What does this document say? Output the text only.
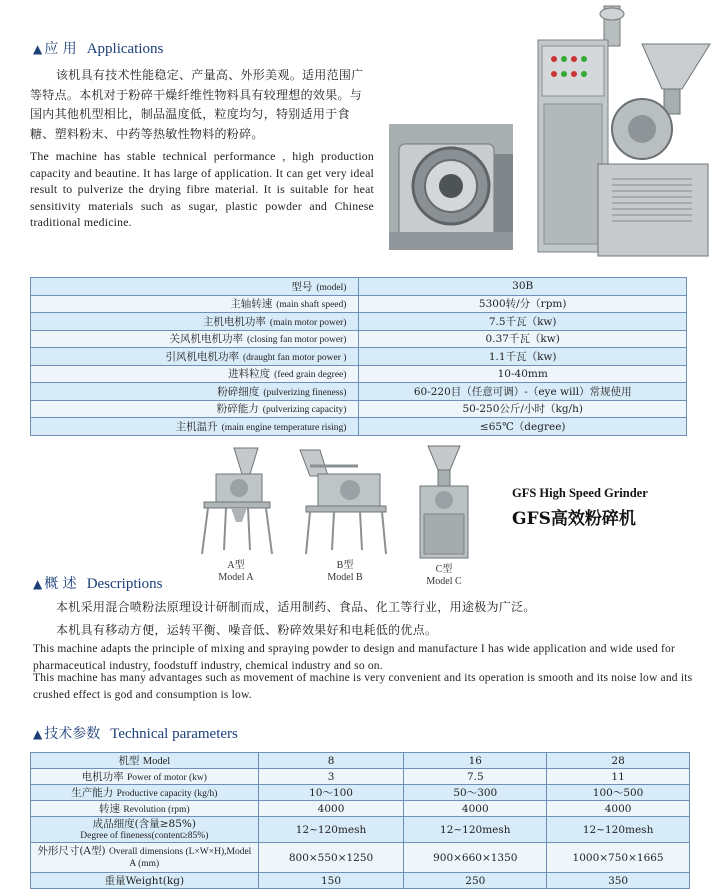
▲ 应 用 Applications
该机具有技术性能稳定、产量高、外形美观。适用范围广等特点。本机对于粉碎干燥纤维性物料具有较理想的效果。与国内其他机型相比，制品温度低，粒度均匀，特别适用于食糖、塑料粉末、中药等热敏性物料的粉碎。
The machine has stable technical performance , high production capacity and beautine. It has large of application. It can get very ideal result to pulverize the drying fibre material. It is suitable for heat sensitivity materials such as sugar, plastic powder and Chinese traditional medicine.
型号 (model)	30B
主轴转速 (main shaft speed)	5300转/分（rpm)
主机电机功率 (main motor power)	7.5千瓦（kw)
关风机电机功率 (closing fan motor power)	0.37千瓦（kw)
引风机电机功率 (draught fan motor power )	1.1千瓦（kw)
进料粒度 (feed grain degree)	10-40mm
粉碎细度 (pulverizing fineness)	60-220目（任意可调）-（eye will）常规使用
粉碎能力 (pulverizing capacity)	50-250公斤/小时（kg/h)
主机温升 (main engine temperature rising)	≤65℃（degree)
A型
Model A
B型
Model B
C型
Model C
GFS High Speed Grinder
GFS高效粉碎机
▲ 概 述 Descriptions
本机采用混合喷粉法原理设计研制而成，适用制药、食品、化工等行业，用途极为广泛。
本机具有移动方便，运转平衡、噪音低、粉碎效果好和电耗低的优点。
This machine adapts the principle of mixing and spraying powder to design and manufacture I has wide application and wide used for pharmaceutical industry, foodstuff industry, chemical industry and so on.
This machine has many advantages such as movement of machine is very convenient and its operation is smooth and its noise low and its crushed effect is god and consumption is low.
▲ 技术参数 Technical parameters
机型 Model	8	16	28
电机功率 Power of motor (kw)	3	7.5	11
生产能力 Productive capacity (kg/h)	10～100	50～300	100～500
转速 Revolution (rpm)	4000	4000	4000

成品细度(含量≥85%)
Degree of fineness(content≥85%)	12~120mesh	12~120mesh	12~120mesh
外形尺寸(A型) Overall dimensions (L×W×H),Model A (mm)	800×550×1250	900×660×1350	1000×750×1665
重量Weight(kg)	150	250	350
